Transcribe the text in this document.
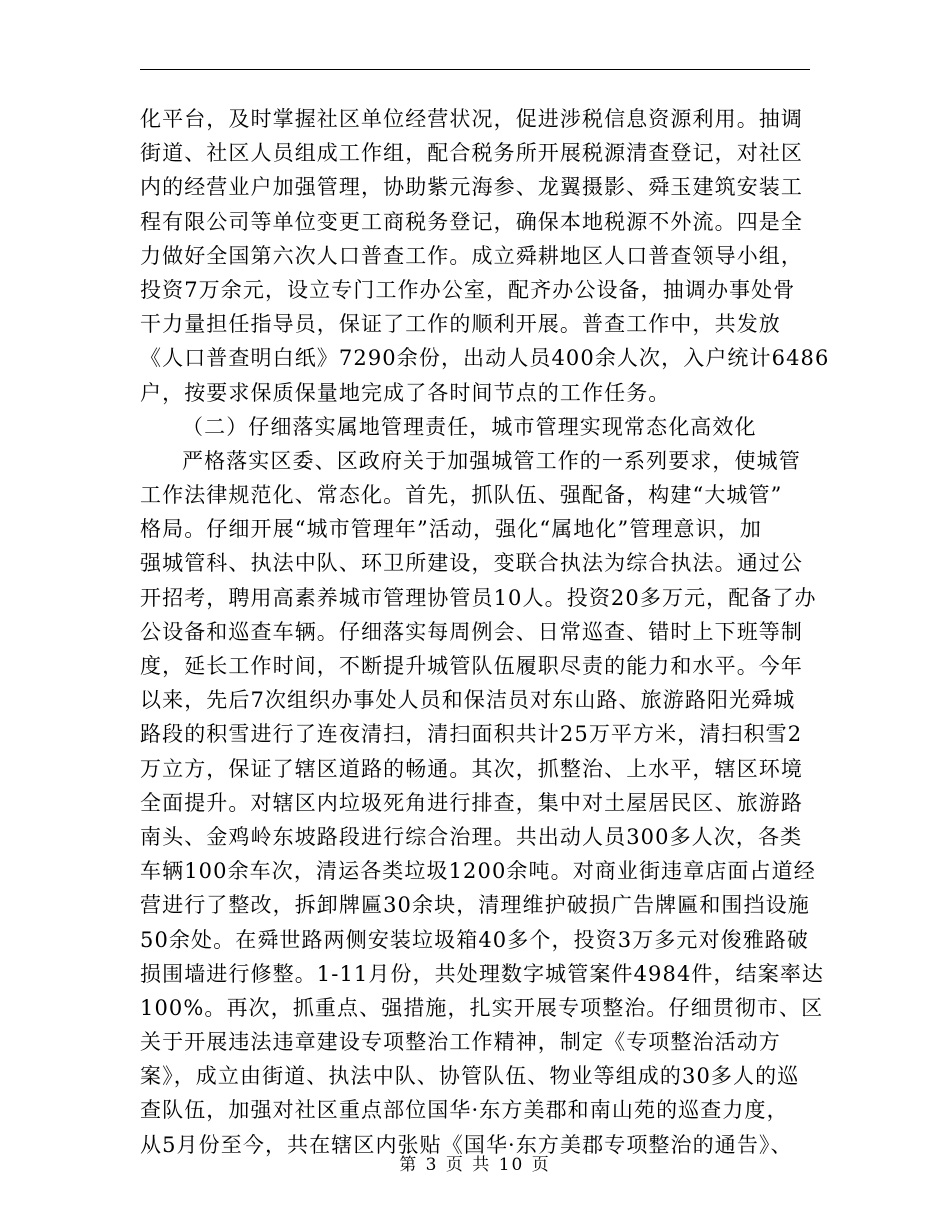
化平台，及时掌握社区单位经营状况，促进涉税信息资源利用。抽调
街道、社区人员组成工作组，配合税务所开展税源清查登记，对社区
内的经营业户加强管理，协助紫元海参、龙翼摄影、舜玉建筑安装工
程有限公司等单位变更工商税务登记，确保本地税源不外流。四是全
力做好全国第六次人口普查工作。成立舜耕地区人口普查领导小组，
投资7万余元，设立专门工作办公室，配齐办公设备，抽调办事处骨
干力量担任指导员，保证了工作的顺利开展。普查工作中，共发放
《人口普查明白纸》7290余份，出动人员400余人次，入户统计6486
户，按要求保质保量地完成了各时间节点的工作任务。
（二）仔细落实属地管理责任，城市管理实现常态化高效化
严格落实区委、区政府关于加强城管工作的一系列要求，使城管
工作法律规范化、常态化。首先，抓队伍、强配备，构建“大城管”
格局。仔细开展“城市管理年”活动，强化“属地化”管理意识，加
强城管科、执法中队、环卫所建设，变联合执法为综合执法。通过公
开招考，聘用高素养城市管理协管员10人。投资20多万元，配备了办
公设备和巡查车辆。仔细落实每周例会、日常巡查、错时上下班等制
度，延长工作时间，不断提升城管队伍履职尽责的能力和水平。今年
以来，先后7次组织办事处人员和保洁员对东山路、旅游路阳光舜城
路段的积雪进行了连夜清扫，清扫面积共计25万平方米，清扫积雪2
万立方，保证了辖区道路的畅通。其次，抓整治、上水平，辖区环境
全面提升。对辖区内垃圾死角进行排查，集中对土屋居民区、旅游路
南头、金鸡岭东坡路段进行综合治理。共出动人员300多人次，各类
车辆100余车次，清运各类垃圾1200余吨。对商业街违章店面占道经
营进行了整改，拆卸牌匾30余块，清理维护破损广告牌匾和围挡设施
50余处。在舜世路两侧安装垃圾箱40多个，投资3万多元对俊雅路破
损围墙进行修整。1-11月份，共处理数字城管案件4984件，结案率达
100%。再次，抓重点、强措施，扎实开展专项整治。仔细贯彻市、区
关于开展违法违章建设专项整治工作精神，制定《专项整治活动方
案》，成立由街道、执法中队、协管队伍、物业等组成的30多人的巡
查队伍，加强对社区重点部位国华·东方美郡和南山苑的巡查力度，
从5月份至今，共在辖区内张贴《国华·东方美郡专项整治的通告》、
第 3 页 共 10 页
